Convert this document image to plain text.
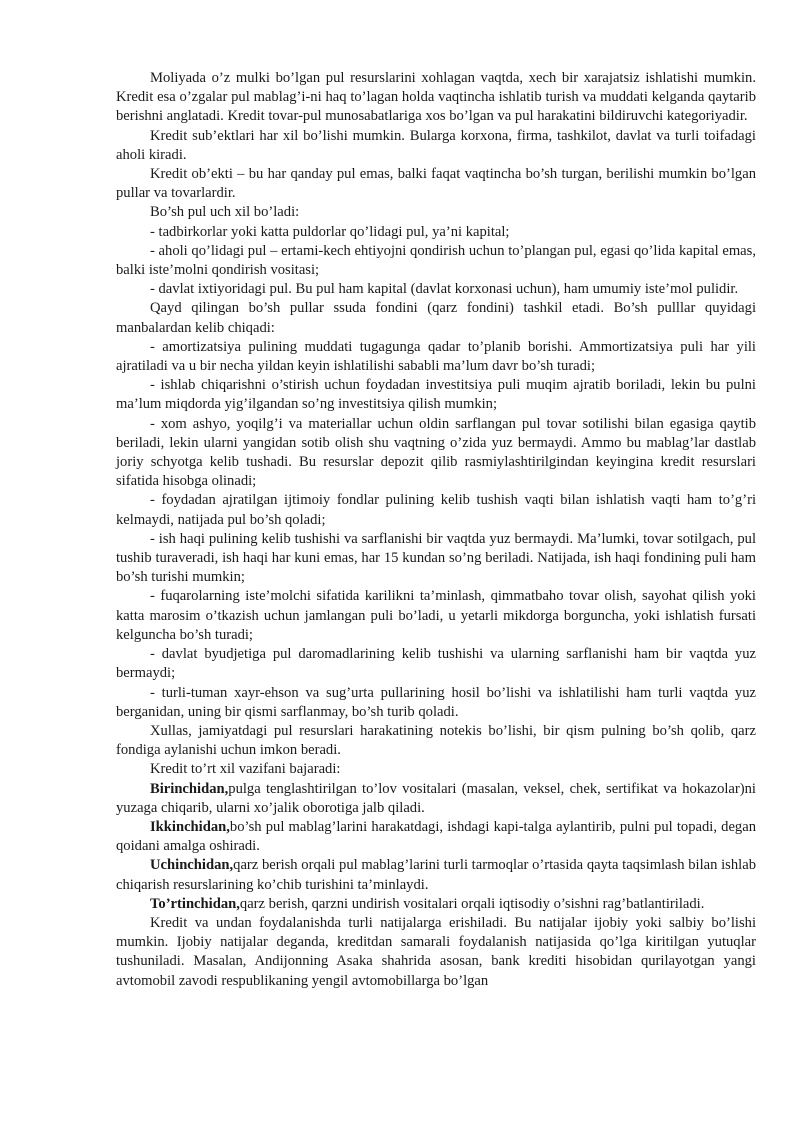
Moliyada o’z mulki bo’lgan pul resurslarini xohlagan vaqtda, xech bir xarajatsiz ishlatishi mumkin. Kredit esa o’zgalar pul mablag’i-ni haq to’lagan holda vaqtincha ishlatib turish va muddati kelganda qaytarib berishni anglatadi. Kredit tovar-pul munosabatlariga xos bo’lgan va pul harakatini bildiruvchi kategoriyadir.

Kredit sub’ektlari har xil bo’lishi mumkin. Bularga korxona, firma, tashkilot, davlat va turli toifadagi aholi kiradi.

Kredit ob’ekti – bu har qanday pul emas, balki faqat vaqtincha bo’sh turgan, berilishi mumkin bo’lgan pullar va tovarlardir.

Bo’sh pul uch xil bo’ladi:

- tadbirkorlar yoki katta puldorlar qo’lidagi pul, ya’ni kapital;

- aholi qo’lidagi pul – ertami-kech ehtiyojni qondirish uchun to’plangan pul, egasi qo’lida kapital emas, balki iste’molni qondirish vositasi;

- davlat ixtiyoridagi pul. Bu pul ham kapital (davlat korxonasi uchun), ham umumiy iste’mol pulidir.

Qayd qilingan bo’sh pullar ssuda fondini (qarz fondini) tashkil etadi. Bo’sh pulllar quyidagi manbalardan kelib chiqadi:

- amortizatsiya pulining muddati tugagunga qadar to’planib borishi. Ammortizatsiya puli har yili ajratiladi va u bir necha yildan keyin ishlatilishi sababli ma’lum davr bo’sh turadi;

- ishlab chiqarishni o’stirish uchun foydadan investitsiya puli muqim ajratib boriladi, lekin bu pulni ma’lum miqdorda yig’ilgandan so’ng investitsiya qilish mumkin;

- xom ashyo, yoqilg’i va materiallar uchun oldin sarflangan pul tovar sotilishi bilan egasiga qaytib beriladi, lekin ularni yangidan sotib olish shu vaqtning o’zida yuz bermaydi. Ammo bu mablag’lar dastlab joriy schyotga kelib tushadi. Bu resurslar depozit qilib rasmiylashtirilgindan keyingina kredit resurslari sifatida hisobga olinadi;

- foydadan ajratilgan ijtimoiy fondlar pulining kelib tushish vaqti bilan ishlatish vaqti ham to’g’ri kelmaydi, natijada pul bo’sh qoladi;

- ish haqi pulining kelib tushishi va sarflanishi bir vaqtda yuz bermaydi. Ma’lumki, tovar sotilgach, pul tushib turaveradi, ish haqi har kuni emas, har 15 kundan so’ng beriladi. Natijada, ish haqi fondining puli ham bo’sh turishi mumkin;

- fuqarolarning iste’molchi sifatida karilikni ta’minlash, qimmatbaho tovar olish, sayohat qilish yoki katta marosim o’tkazish uchun jamlangan puli bo’ladi, u yetarli mikdorga borguncha, yoki ishlatish fursati kelguncha bo’sh turadi;

- davlat byudjetiga pul daromadlarining kelib tushishi va ularning sarflanishi ham bir vaqtda yuz bermaydi;

- turli-tuman xayr-ehson va sug’urta pullarining hosil bo’lishi va ishlatilishi ham turli vaqtda yuz berganidan, uning bir qismi sarflanmay, bo’sh turib qoladi.

Xullas, jamiyatdagi pul resurslari harakatining notekis bo’lishi, bir qism pulning bo’sh qolib, qarz fondiga aylanishi uchun imkon beradi.

Kredit to’rt xil vazifani bajaradi:

Birinchidan,pulga tenglashtirilgan to’lov vositalari (masalan, veksel, chek, sertifikat va hokazolar)ni yuzaga chiqarib, ularni xo’jalik oborotiga jalb qiladi.

Ikkinchidan,bo’sh pul mablag’larini harakatdagi, ishdagi kapi-talga aylantirib, pulni pul topadi, degan qoidani amalga oshiradi.

Uchinchidan,qarz berish orqali pul mablag’larini turli tarmoqlar o’rtasida qayta taqsimlash bilan ishlab chiqarish resurslarining ko’chib turishini ta’minlaydi.

To’rtinchidan,qarz berish, qarzni undirish vositalari orqali iqtisodiy o’sishni rag’batlantiriladi.

Kredit va undan foydalanishda turli natijalarga erishiladi. Bu natijalar ijobiy yoki salbiy bo’lishi mumkin. Ijobiy natijalar deganda, kreditdan samarali foydalanish natijasida qo’lga kiritilgan yutuqlar tushuniladi. Masalan, Andijonning Asaka shahrida asosan, bank krediti hisobidan qurilayotgan yangi avtomobil zavodi respublikaning yengil avtomobillarga bo’lgan
